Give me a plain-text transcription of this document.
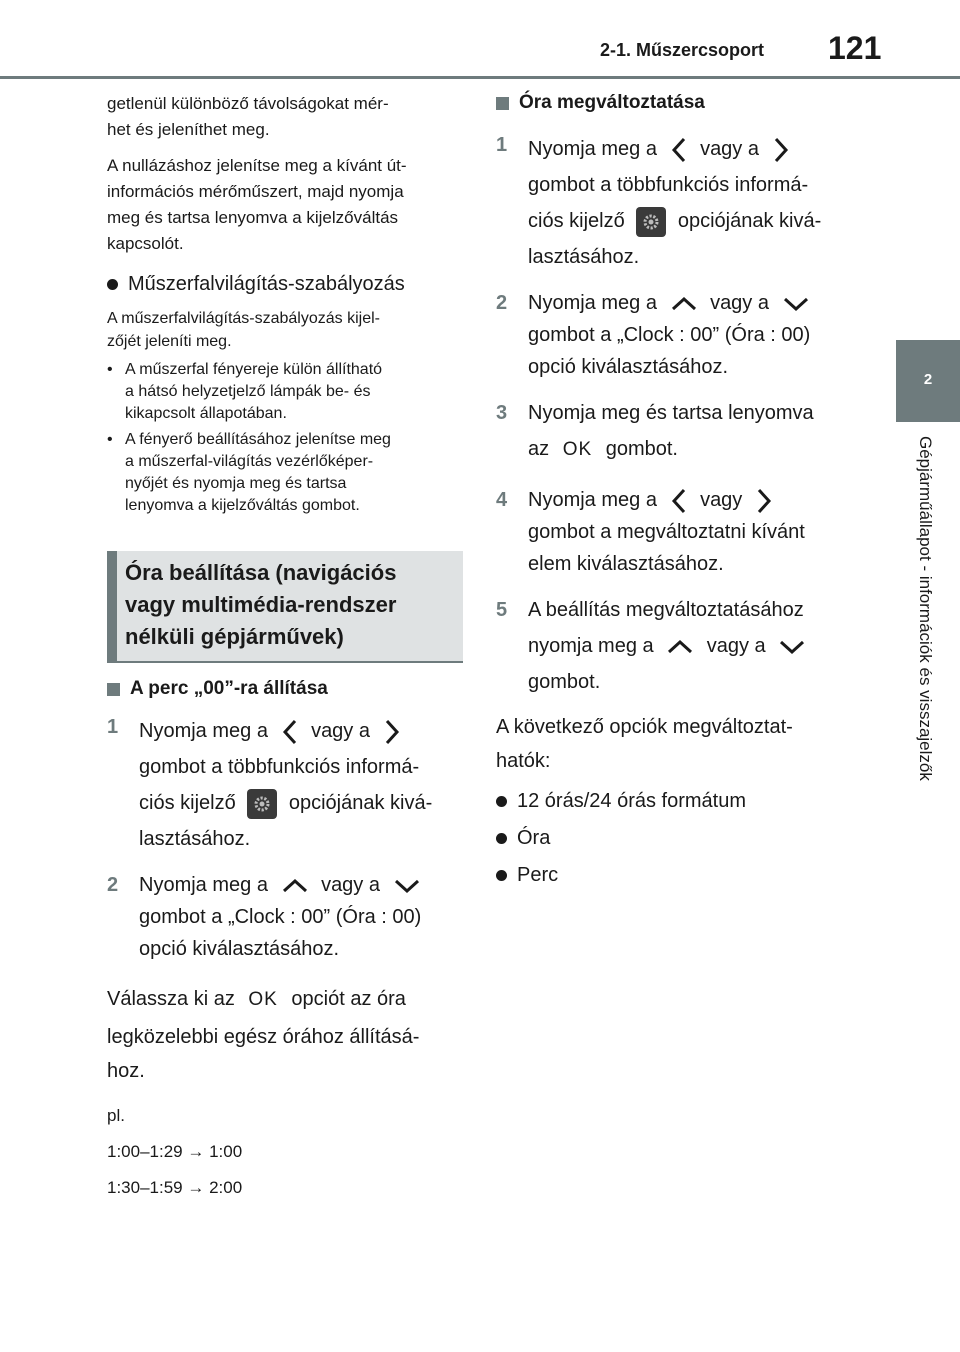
2-1. Műszercsoport 121
2
Gépjárműállapot - információk és visszajelzők
getlenül különböző távolságokat mér-
het és jeleníthet meg.
A nullázáshoz jelenítse meg a kívánt út-
információs mérőműszert, majd nyomja
meg és tartsa lenyomva a kijelzőváltás
kapcsolót.
Műszerfalvilágítás-szabályozás
A műszerfalvilágítás-szabályozás kijel-
zőjét jeleníti meg.
• A műszerfal fényereje külön állítható
a hátsó helyzetjelző lámpák be- és
kikapcsolt állapotában.
• A fényerő beállításához jelenítse meg
a műszerfal-világítás vezérlőképer-
nyőjét és nyomja meg és tartsa
lenyomva a kijelzőváltás gombot.
Óra beállítása (navigációs
vagy multimédia-rendszer
nélküli gépjárművek)
A perc „00”-ra állítása
1 Nyomja meg a vagy a
gombot a többfunkciós informá-
ciós kijelző	opciójának kivá-
lasztásához.
2 Nyomja meg a	vagy a
gombot a „Clock : 00” (Óra : 00)
opció kiválasztásához.
Válassza ki az OK opciót az óra
legközelebbi egész órához állításá-
hoz.
pl.
1:00–1:29 → 1:00
1:30–1:59 → 2:00
Óra megváltoztatása
1 Nyomja meg a vagy a
gombot a többfunkciós informá-
ciós kijelző	opciójának kivá-
lasztásához.
2 Nyomja meg a	vagy a
gombot a „Clock : 00” (Óra : 00)
opció kiválasztásához.
3 Nyomja meg és tartsa lenyomva
az OK gombot.
4 Nyomja meg a vagy
gombot a megváltoztatni kívánt
elem kiválasztásához.
5 A beállítás megváltoztatásához
nyomja meg a	vagy a
gombot.
A következő opciók megváltoztat-
hatók:
12 órás/24 órás formátum
Óra
Perc
